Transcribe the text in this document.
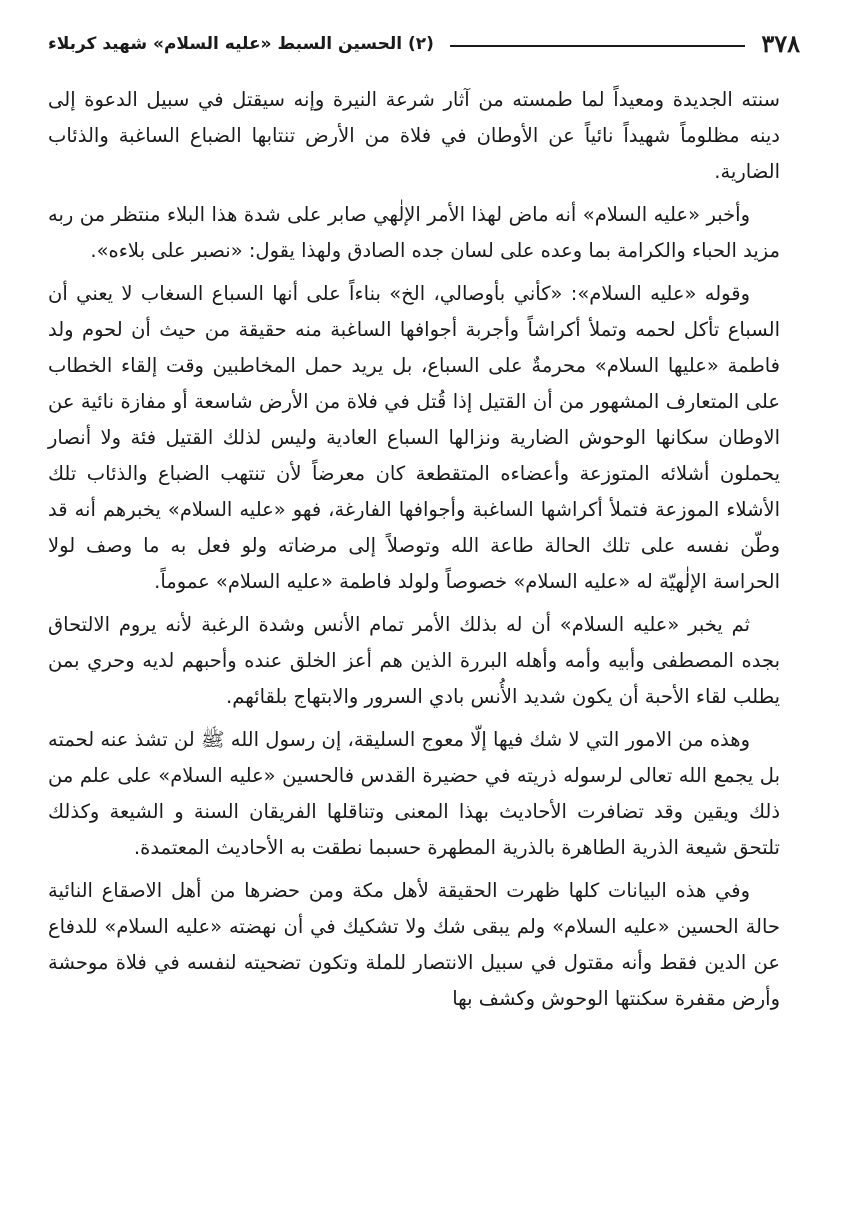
٣٧٨
(٢) الحسين السبط «عليه السلام» شهيد كربلاء

سنته الجديدة ومعيداً لما طمسته من آثار شرعة النيرة وإنه سيقتل في سبيل الدعوة إلى دينه مظلوماً شهيداً نائياً عن الأوطان في فلاة من الأرض تنتابها الضباع الساغبة والذئاب الضارية.

وأخبر «عليه السلام» أنه ماض لهذا الأمر الإلٰهي صابر على شدة هذا البلاء منتظر من ربه مزيد الحباء والكرامة بما وعده على لسان جده الصادق ولهذا يقول: «نصبر على بلاءه».

وقوله «عليه السلام»: «كأني بأوصالي، الخ» بناءاً على أنها السباع السغاب لا يعني أن السباع تأكل لحمه وتملأ أكراشاً وأجربة أجوافها الساغبة منه حقيقة من حيث أن لحوم ولد فاطمة «عليها السلام» محرمةٌ على السباع، بل يريد حمل المخاطبين وقت إلقاء الخطاب على المتعارف المشهور من أن القتيل إذا قُتل في فلاة من الأرض شاسعة أو مفازة نائية عن الاوطان سكانها الوحوش الضارية ونزالها السباع العادية وليس لذلك القتيل فئة ولا أنصار يحملون أشلائه المتوزعة وأعضاءه المتقطعة كان معرضاً لأن تنتهب الضباع والذئاب تلك الأشلاء الموزعة فتملأ أكراشها الساغبة وأجوافها الفارغة، فهو «عليه السلام» يخبرهم أنه قد وطّن نفسه على تلك الحالة طاعة الله وتوصلاً إلى مرضاته ولو فعل به ما وصف لولا الحراسة الإلٰهيّة له «عليه السلام» خصوصاً ولولد فاطمة «عليه السلام» عموماً.

ثم يخبر «عليه السلام» أن له بذلك الأمر تمام الأنس وشدة الرغبة لأنه يروم الالتحاق بجده المصطفى وأبيه وأمه وأهله البررة الذين هم أعز الخلق عنده وأحبهم لديه وحري بمن يطلب لقاء الأحبة أن يكون شديد الأُنس بادي السرور والابتهاج بلقائهم.

وهذه من الامور التي لا شك فيها إلّا معوج السليقة، إن رسول الله ﷺ لن تشذ عنه لحمته بل يجمع الله تعالى لرسوله ذريته في حضيرة القدس فالحسين «عليه السلام» على علم من ذلك ويقين وقد تضافرت الأحاديث بهذا المعنى وتناقلها الفريقان السنة و الشيعة وكذلك تلتحق شيعة الذرية الطاهرة بالذرية المطهرة حسبما نطقت به الأحاديث المعتمدة.

وفي هذه البيانات كلها ظهرت الحقيقة لأهل مكة ومن حضرها من أهل الاصقاع النائية حالة الحسين «عليه السلام» ولم يبقى شك ولا تشكيك في أن نهضته «عليه السلام» للدفاع عن الدين فقط وأنه مقتول في سبيل الانتصار للملة وتكون تضحيته لنفسه في فلاة موحشة وأرض مقفرة سكنتها الوحوش وكشف بها
